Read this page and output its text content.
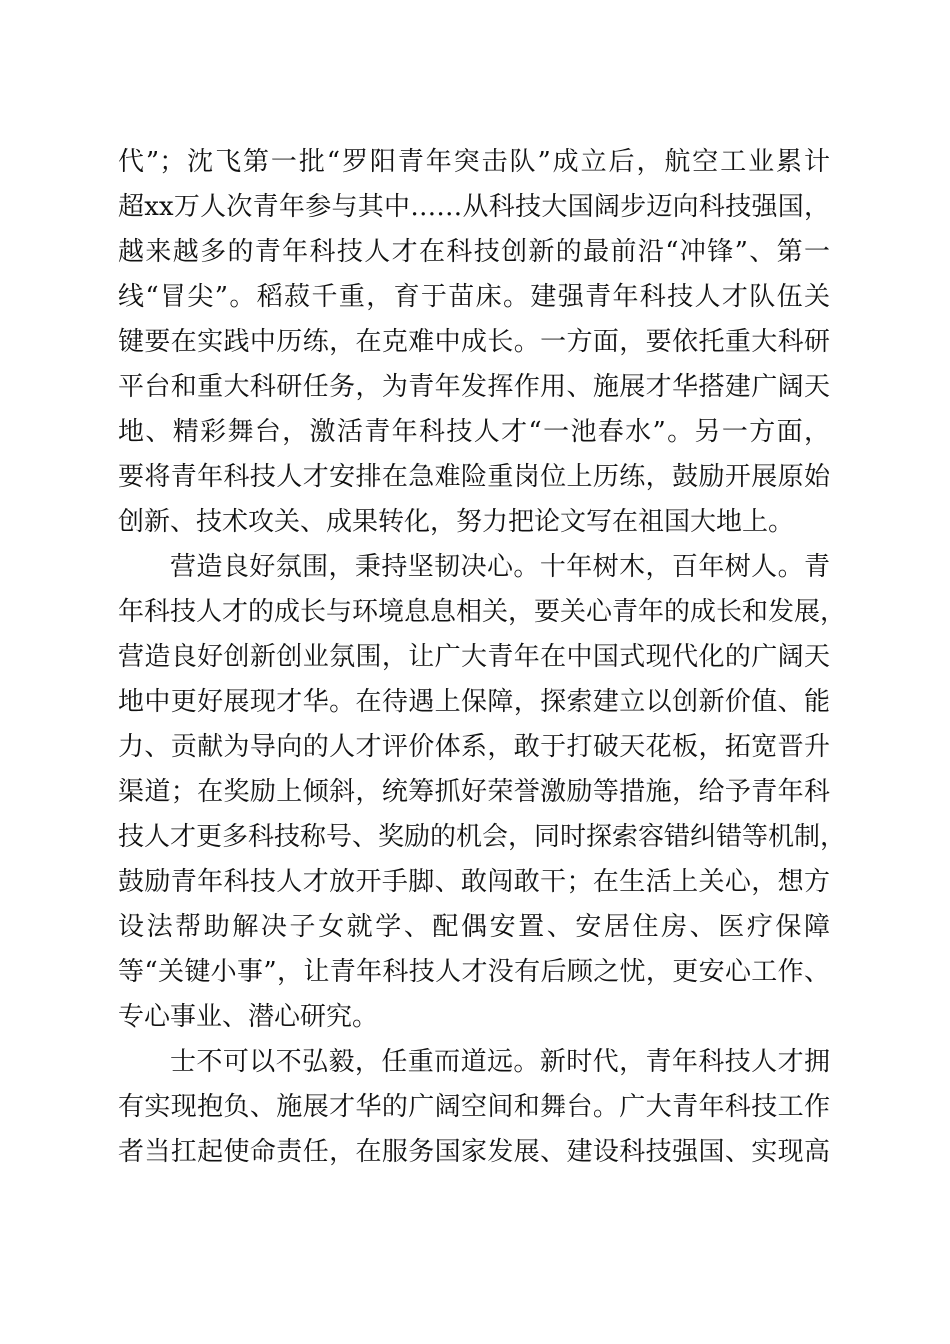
代”；沈飞第一批“罗阳青年突击队”成立后，航空工业累计
超xx万人次青年参与其中……从科技大国阔步迈向科技强国，
越来越多的青年科技人才在科技创新的最前沿“冲锋”、第一
线“冒尖”。稻菽千重，育于苗床。建强青年科技人才队伍关
键要在实践中历练，在克难中成长。一方面，要依托重大科研
平台和重大科研任务，为青年发挥作用、施展才华搭建广阔天
地、精彩舞台，激活青年科技人才“一池春水”。另一方面，
要将青年科技人才安排在急难险重岗位上历练，鼓励开展原始
创新、技术攻关、成果转化，努力把论文写在祖国大地上。
营造良好氛围，秉持坚韧决心。十年树木，百年树人。青
年科技人才的成长与环境息息相关，要关心青年的成长和发展，
营造良好创新创业氛围，让广大青年在中国式现代化的广阔天
地中更好展现才华。在待遇上保障，探索建立以创新价值、能
力、贡献为导向的人才评价体系，敢于打破天花板，拓宽晋升
渠道；在奖励上倾斜，统筹抓好荣誉激励等措施，给予青年科
技人才更多科技称号、奖励的机会，同时探索容错纠错等机制，
鼓励青年科技人才放开手脚、敢闯敢干；在生活上关心，想方
设法帮助解决子女就学、配偶安置、安居住房、医疗保障
等“关键小事”，让青年科技人才没有后顾之忧，更安心工作、
专心事业、潜心研究。
士不可以不弘毅，任重而道远。新时代，青年科技人才拥
有实现抱负、施展才华的广阔空间和舞台。广大青年科技工作
者当扛起使命责任，在服务国家发展、建设科技强国、实现高
